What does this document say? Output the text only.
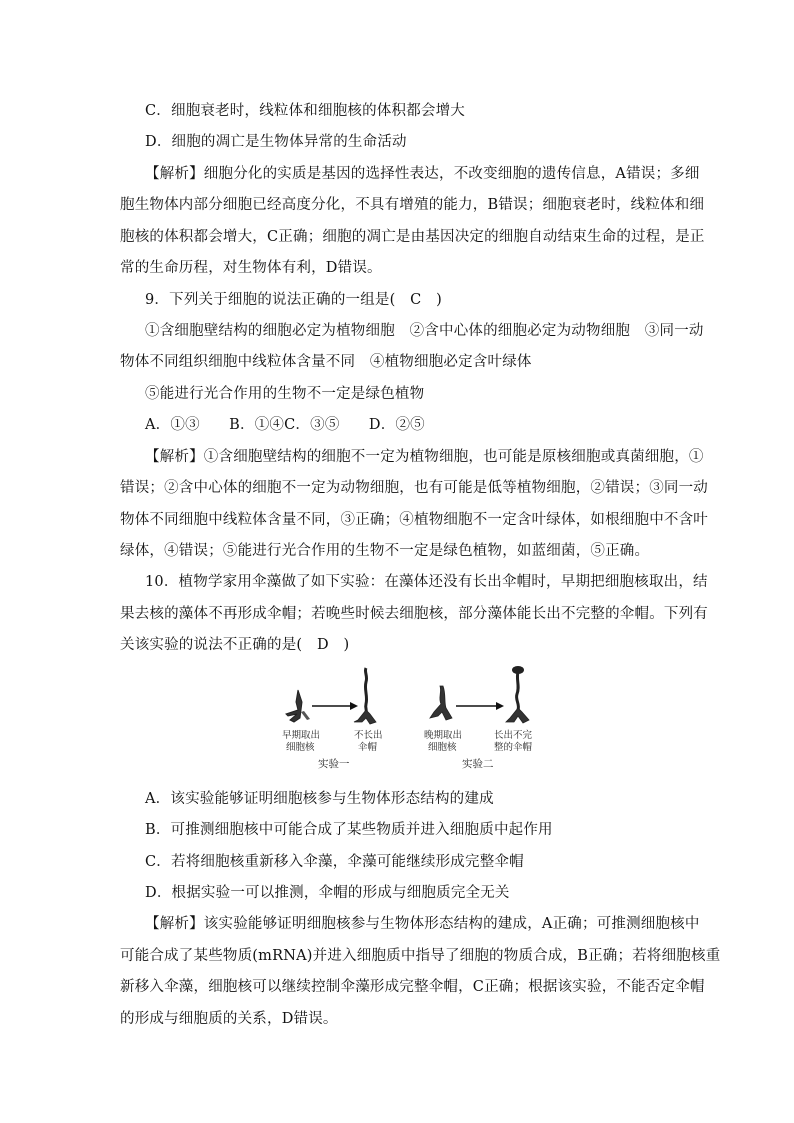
C．细胞衰老时，线粒体和细胞核的体积都会增大
D．细胞的凋亡是生物体异常的生命活动
【解析】细胞分化的实质是基因的选择性表达，不改变细胞的遗传信息，A错误；多细
胞生物体内部分细胞已经高度分化，不具有增殖的能力，B错误；细胞衰老时，线粒体和细
胞核的体积都会增大，C正确；细胞的凋亡是由基因决定的细胞自动结束生命的过程，是正
常的生命历程，对生物体有利，D错误。
9．下列关于细胞的说法正确的一组是(　C　)
①含细胞壁结构的细胞必定为植物细胞　②含中心体的细胞必定为动物细胞　③同一动
物体不同组织细胞中线粒体含量不同　④植物细胞必定含叶绿体
⑤能进行光合作用的生物不一定是绿色植物
A．①③　　B．①④C．③⑤　　D．②⑤
【解析】①含细胞壁结构的细胞不一定为植物细胞，也可能是原核细胞或真菌细胞，①
错误；②含中心体的细胞不一定为动物细胞，也有可能是低等植物细胞，②错误；③同一动
物体不同细胞中线粒体含量不同，③正确；④植物细胞不一定含叶绿体，如根细胞中不含叶
绿体，④错误；⑤能进行光合作用的生物不一定是绿色植物，如蓝细菌，⑤正确。
10．植物学家用伞藻做了如下实验：在藻体还没有长出伞帽时，早期把细胞核取出，结
果去核的藻体不再形成伞帽；若晚些时候去细胞核，部分藻体能长出不完整的伞帽。下列有
关该实验的说法不正确的是(　D　)
早期取出
细胞核
不长出
伞帽
实验一
晚期取出
细胞核
长出不完
整的伞帽
实验二
A．该实验能够证明细胞核参与生物体形态结构的建成
B．可推测细胞核中可能合成了某些物质并进入细胞质中起作用
C．若将细胞核重新移入伞藻，伞藻可能继续形成完整伞帽
D．根据实验一可以推测，伞帽的形成与细胞质完全无关
【解析】该实验能够证明细胞核参与生物体形态结构的建成，A正确；可推测细胞核中
可能合成了某些物质(mRNA)并进入细胞质中指导了细胞的物质合成，B正确；若将细胞核重
新移入伞藻，细胞核可以继续控制伞藻形成完整伞帽，C正确；根据该实验，不能否定伞帽
的形成与细胞质的关系，D错误。
